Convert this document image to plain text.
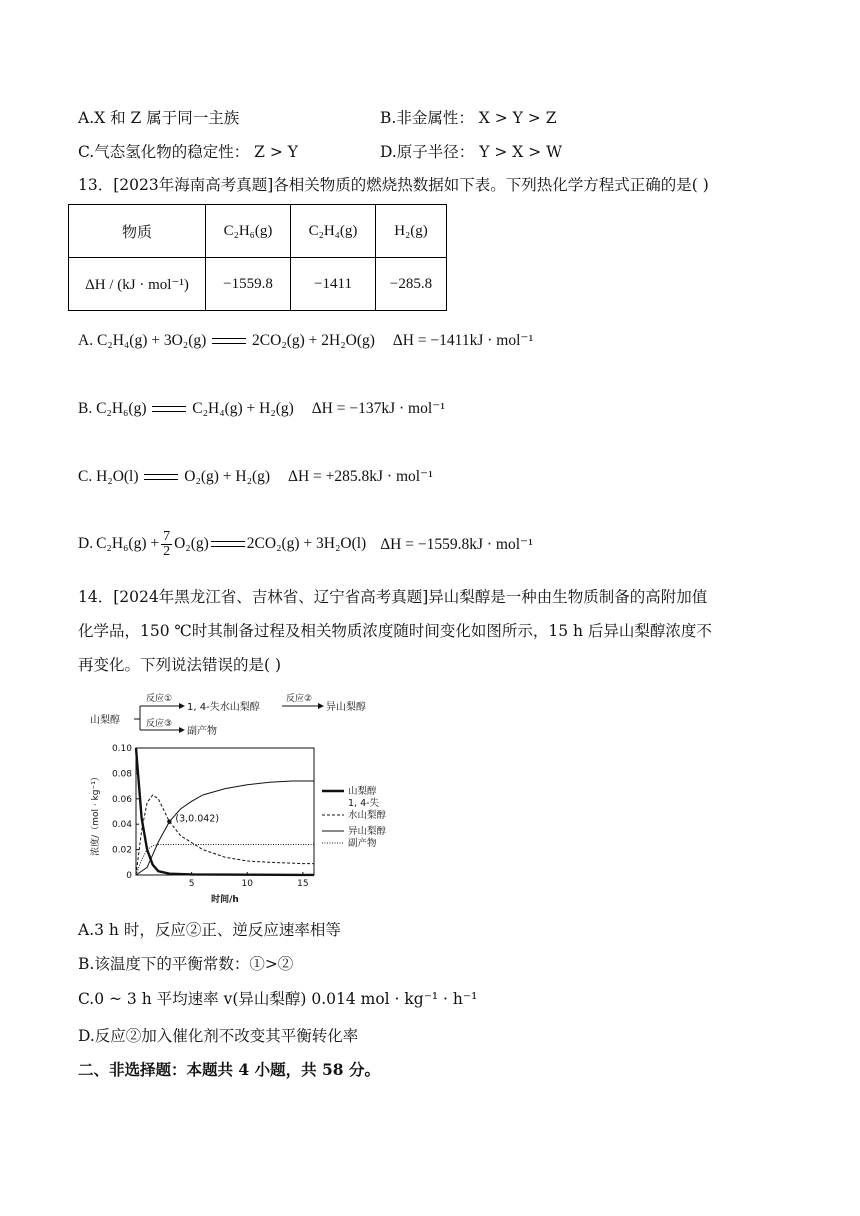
A.X 和 Z 属于同一主族	B.非金属性： X > Y > Z
C.气态氢化物的稳定性： Z > Y	D.原子半径： Y > X > W
13．[2023年海南高考真题]各相关物质的燃烧热数据如下表。下列热化学方程式正确的是( )
物质	C₂H₆(g)	C₂H₄(g)	H₂(g)
ΔH / (kJ · mol⁻¹)	−1559.8	−1411	−285.8
A. C₂H₄(g) + 3O₂(g)	2CO₂(g) + 2H₂O(g) ΔH = −1411kJ · mol⁻¹
B. C₂H₆(g)	C₂H₄(g) + H₂(g) ΔH = −137kJ · mol⁻¹
C. H₂O(l)	O₂(g) + H₂(g) ΔH = +285.8kJ · mol⁻¹
D. $C_2H_6(g) + \frac{7}{2} O_2(g) 2CO_2(g) + 3H_2O(l) \Delta H = -1559.8kJ \cdot mol^{-1}$
14．[2024年黑龙江省、吉林省、辽宁省高考真题]异山梨醇是一种由生物质制备的高附加值
化学品，150 ℃时其制备过程及相关物质浓度随时间变化如图所示，15 h 后异山梨醇浓度不
再变化。下列说法错误的是( )
山梨醇
反应①
1, 4-失水山梨醇
反应②
异山梨醇
反应③
副产物
浓度/（mol · kg⁻¹）
时间/h
0
0.02
0.04
0.06
0.08
0.10
5	10	15
(3,0.042)
山梨醇
1, 4-失
水山梨醇
异山梨醇
副产物
A.3 h 时，反应②正、逆反应速率相等
B.该温度下的平衡常数：①>②
C.0 ~ 3 h 平均速率 v(异山梨醇) 0.014 mol · kg⁻¹ · h⁻¹
D.反应②加入催化剂不改变其平衡转化率
二、非选择题：本题共 4 小题，共 58 分。
